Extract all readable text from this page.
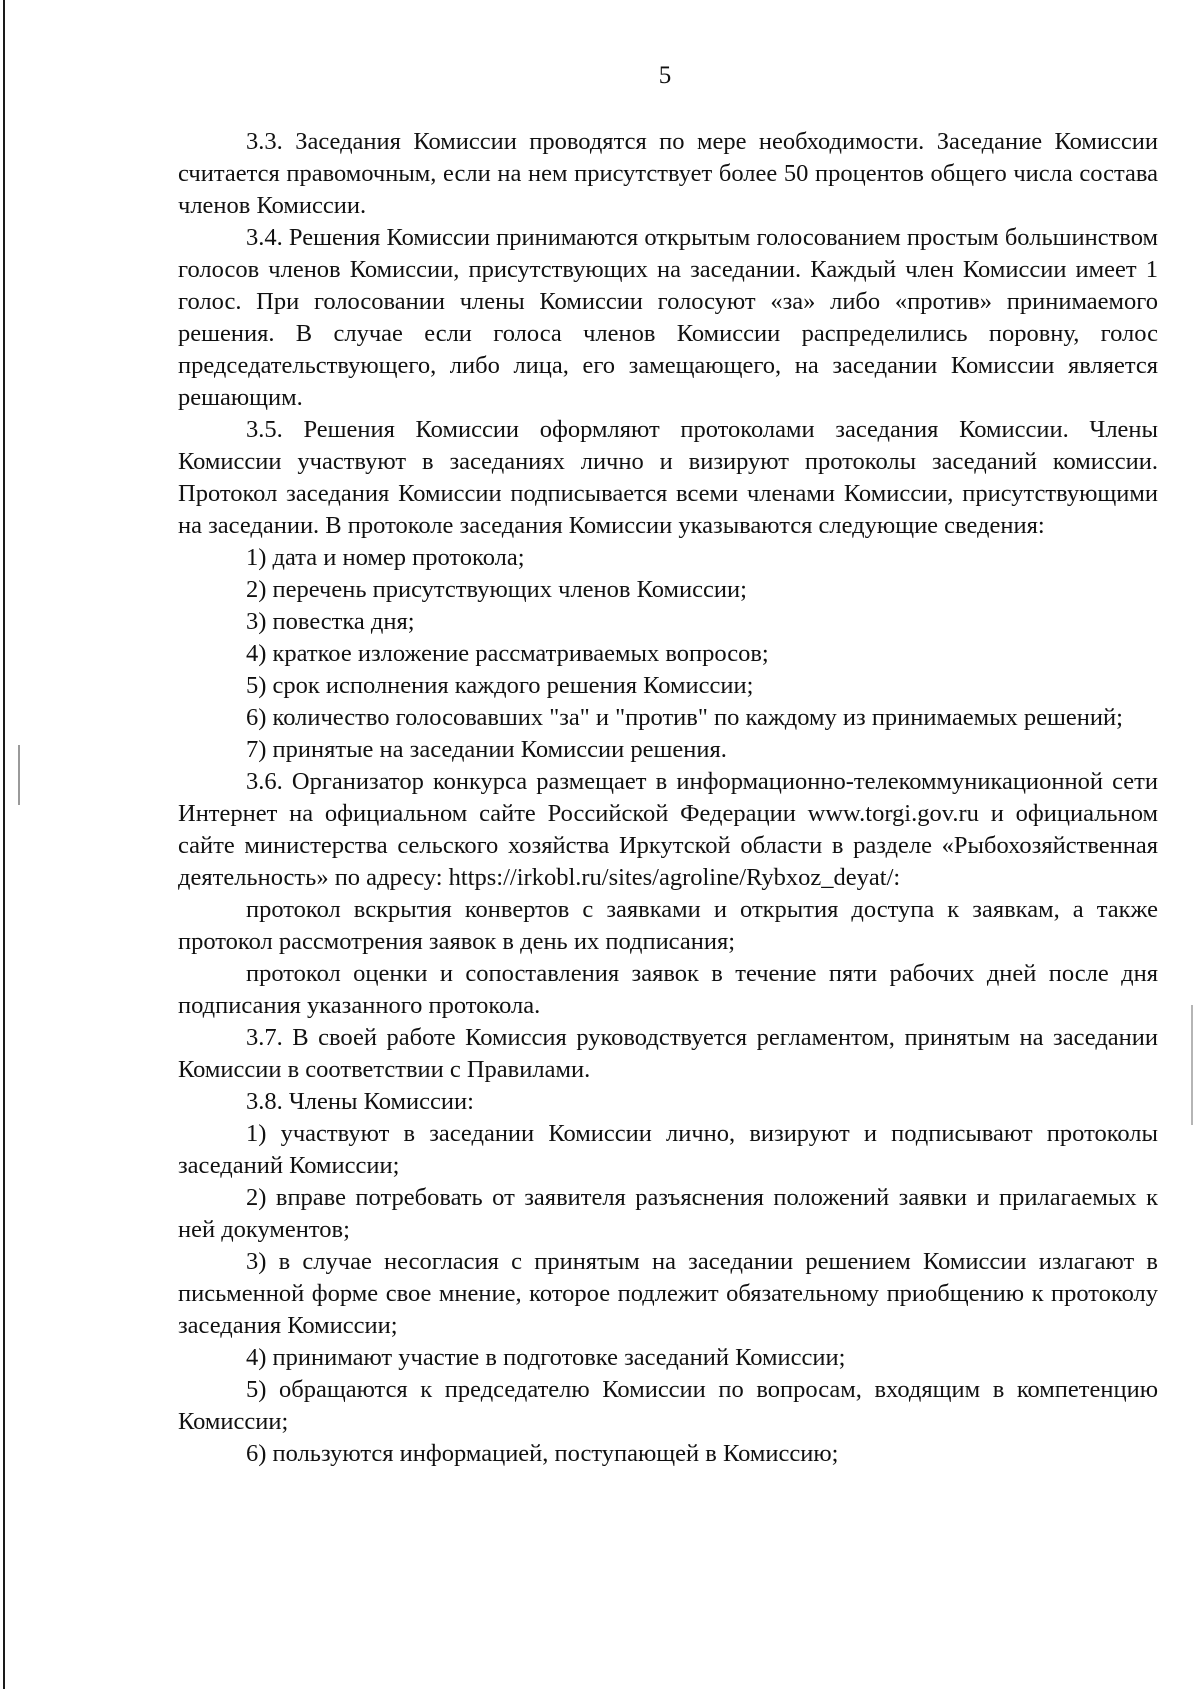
5

3.3. Заседания Комиссии проводятся по мере необходимости. Заседание Комиссии считается правомочным, если на нем присутствует более 50 процентов общего числа состава членов Комиссии.

3.4. Решения Комиссии принимаются открытым голосованием простым большинством голосов членов Комиссии, присутствующих на заседании. Каждый член Комиссии имеет 1 голос. При голосовании члены Комиссии голосуют «за» либо «против» принимаемого решения. В случае если голоса членов Комиссии распределились поровну, голос председательствующего, либо лица, его замещающего, на заседании Комиссии является решающим.

3.5. Решения Комиссии оформляют протоколами заседания Комиссии. Члены Комиссии участвуют в заседаниях лично и визируют протоколы заседаний комиссии. Протокол заседания Комиссии подписывается всеми членами Комиссии, присутствующими на заседании. В протоколе заседания Комиссии указываются следующие сведения:

1) дата и номер протокола;

2) перечень присутствующих членов Комиссии;

3) повестка дня;

4) краткое изложение рассматриваемых вопросов;

5) срок исполнения каждого решения Комиссии;

6) количество голосовавших "за" и "против" по каждому из принимаемых решений;

7) принятые на заседании Комиссии решения.

3.6. Организатор конкурса размещает в информационно-телекоммуникационной сети Интернет на официальном сайте Российской Федерации www.torgi.gov.ru и официальном сайте министерства сельского хозяйства Иркутской области в разделе «Рыбохозяйственная деятельность» по адресу: https://irkobl.ru/sites/agroline/Rybxoz_deyat/:

протокол вскрытия конвертов с заявками и открытия доступа к заявкам, а также протокол рассмотрения заявок в день их подписания;

протокол оценки и сопоставления заявок в течение пяти рабочих дней после дня подписания указанного протокола.

3.7. В своей работе Комиссия руководствуется регламентом, принятым на заседании Комиссии в соответствии с Правилами.

3.8. Члены Комиссии:

1) участвуют в заседании Комиссии лично, визируют и подписывают протоколы заседаний Комиссии;

2) вправе потребовать от заявителя разъяснения положений заявки и прилагаемых к ней документов;

3) в случае несогласия с принятым на заседании решением Комиссии излагают в письменной форме свое мнение, которое подлежит обязательному приобщению к протоколу заседания Комиссии;

4) принимают участие в подготовке заседаний Комиссии;

5) обращаются к председателю Комиссии по вопросам, входящим в компетенцию Комиссии;

6) пользуются информацией, поступающей в Комиссию;
